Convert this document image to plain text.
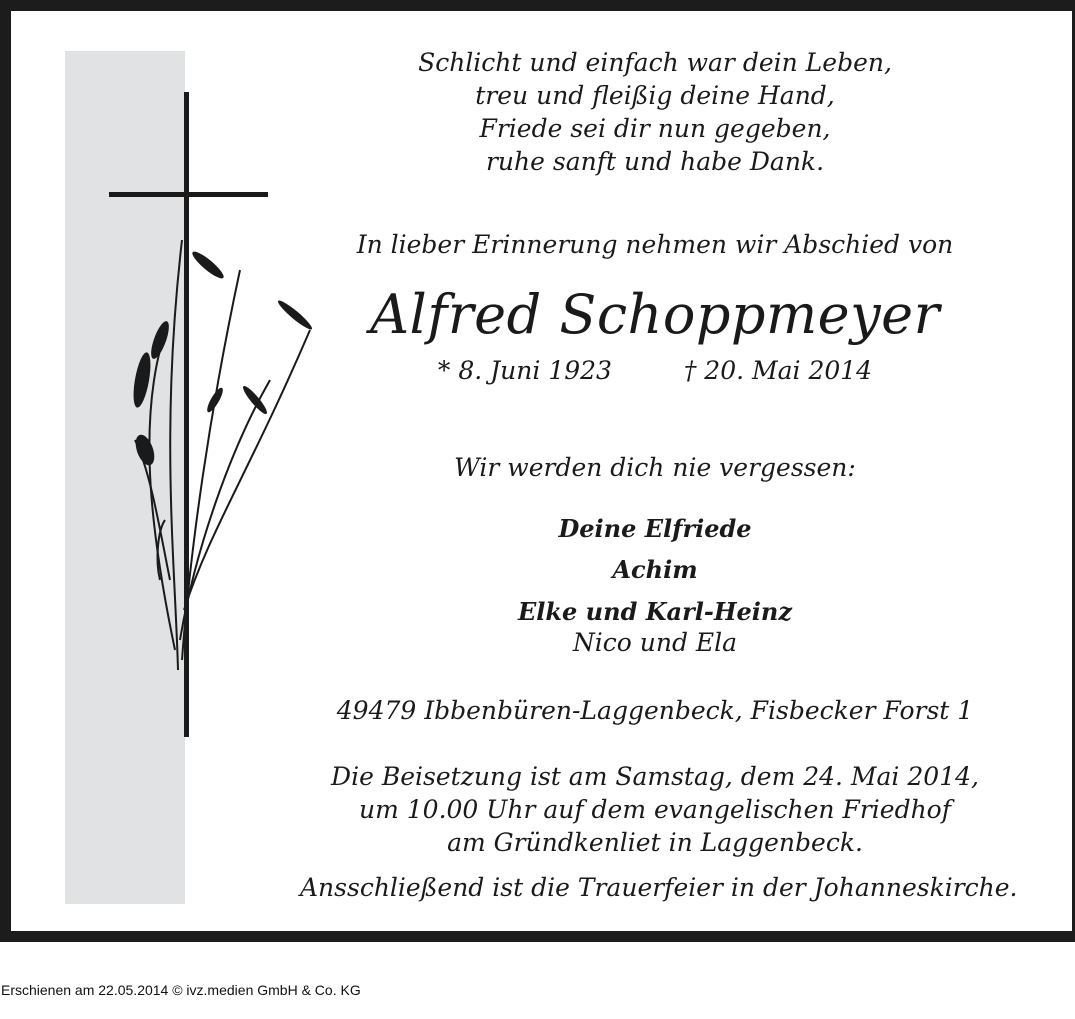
Schlicht und einfach war dein Leben,
treu und fleißig deine Hand,
Friede sei dir nun gegeben,
ruhe sanft und habe Dank.
In lieber Erinnerung nehmen wir Abschied von
Alfred Schoppmeyer
* 8. Juni 1923	† 20. Mai 2014
Wir werden dich nie vergessen:
Deine Elfriede
Achim
Elke und Karl-Heinz
Nico und Ela
49479 Ibbenbüren-Laggenbeck, Fisbecker Forst 1
Die Beisetzung ist am Samstag, dem 24. Mai 2014,
um 10.00 Uhr auf dem evangelischen Friedhof
am Gründkenliet in Laggenbeck.
Ansschließend ist die Trauerfeier in der Johanneskirche.
Erschienen am 22.05.2014 © ivz.medien GmbH & Co. KG
